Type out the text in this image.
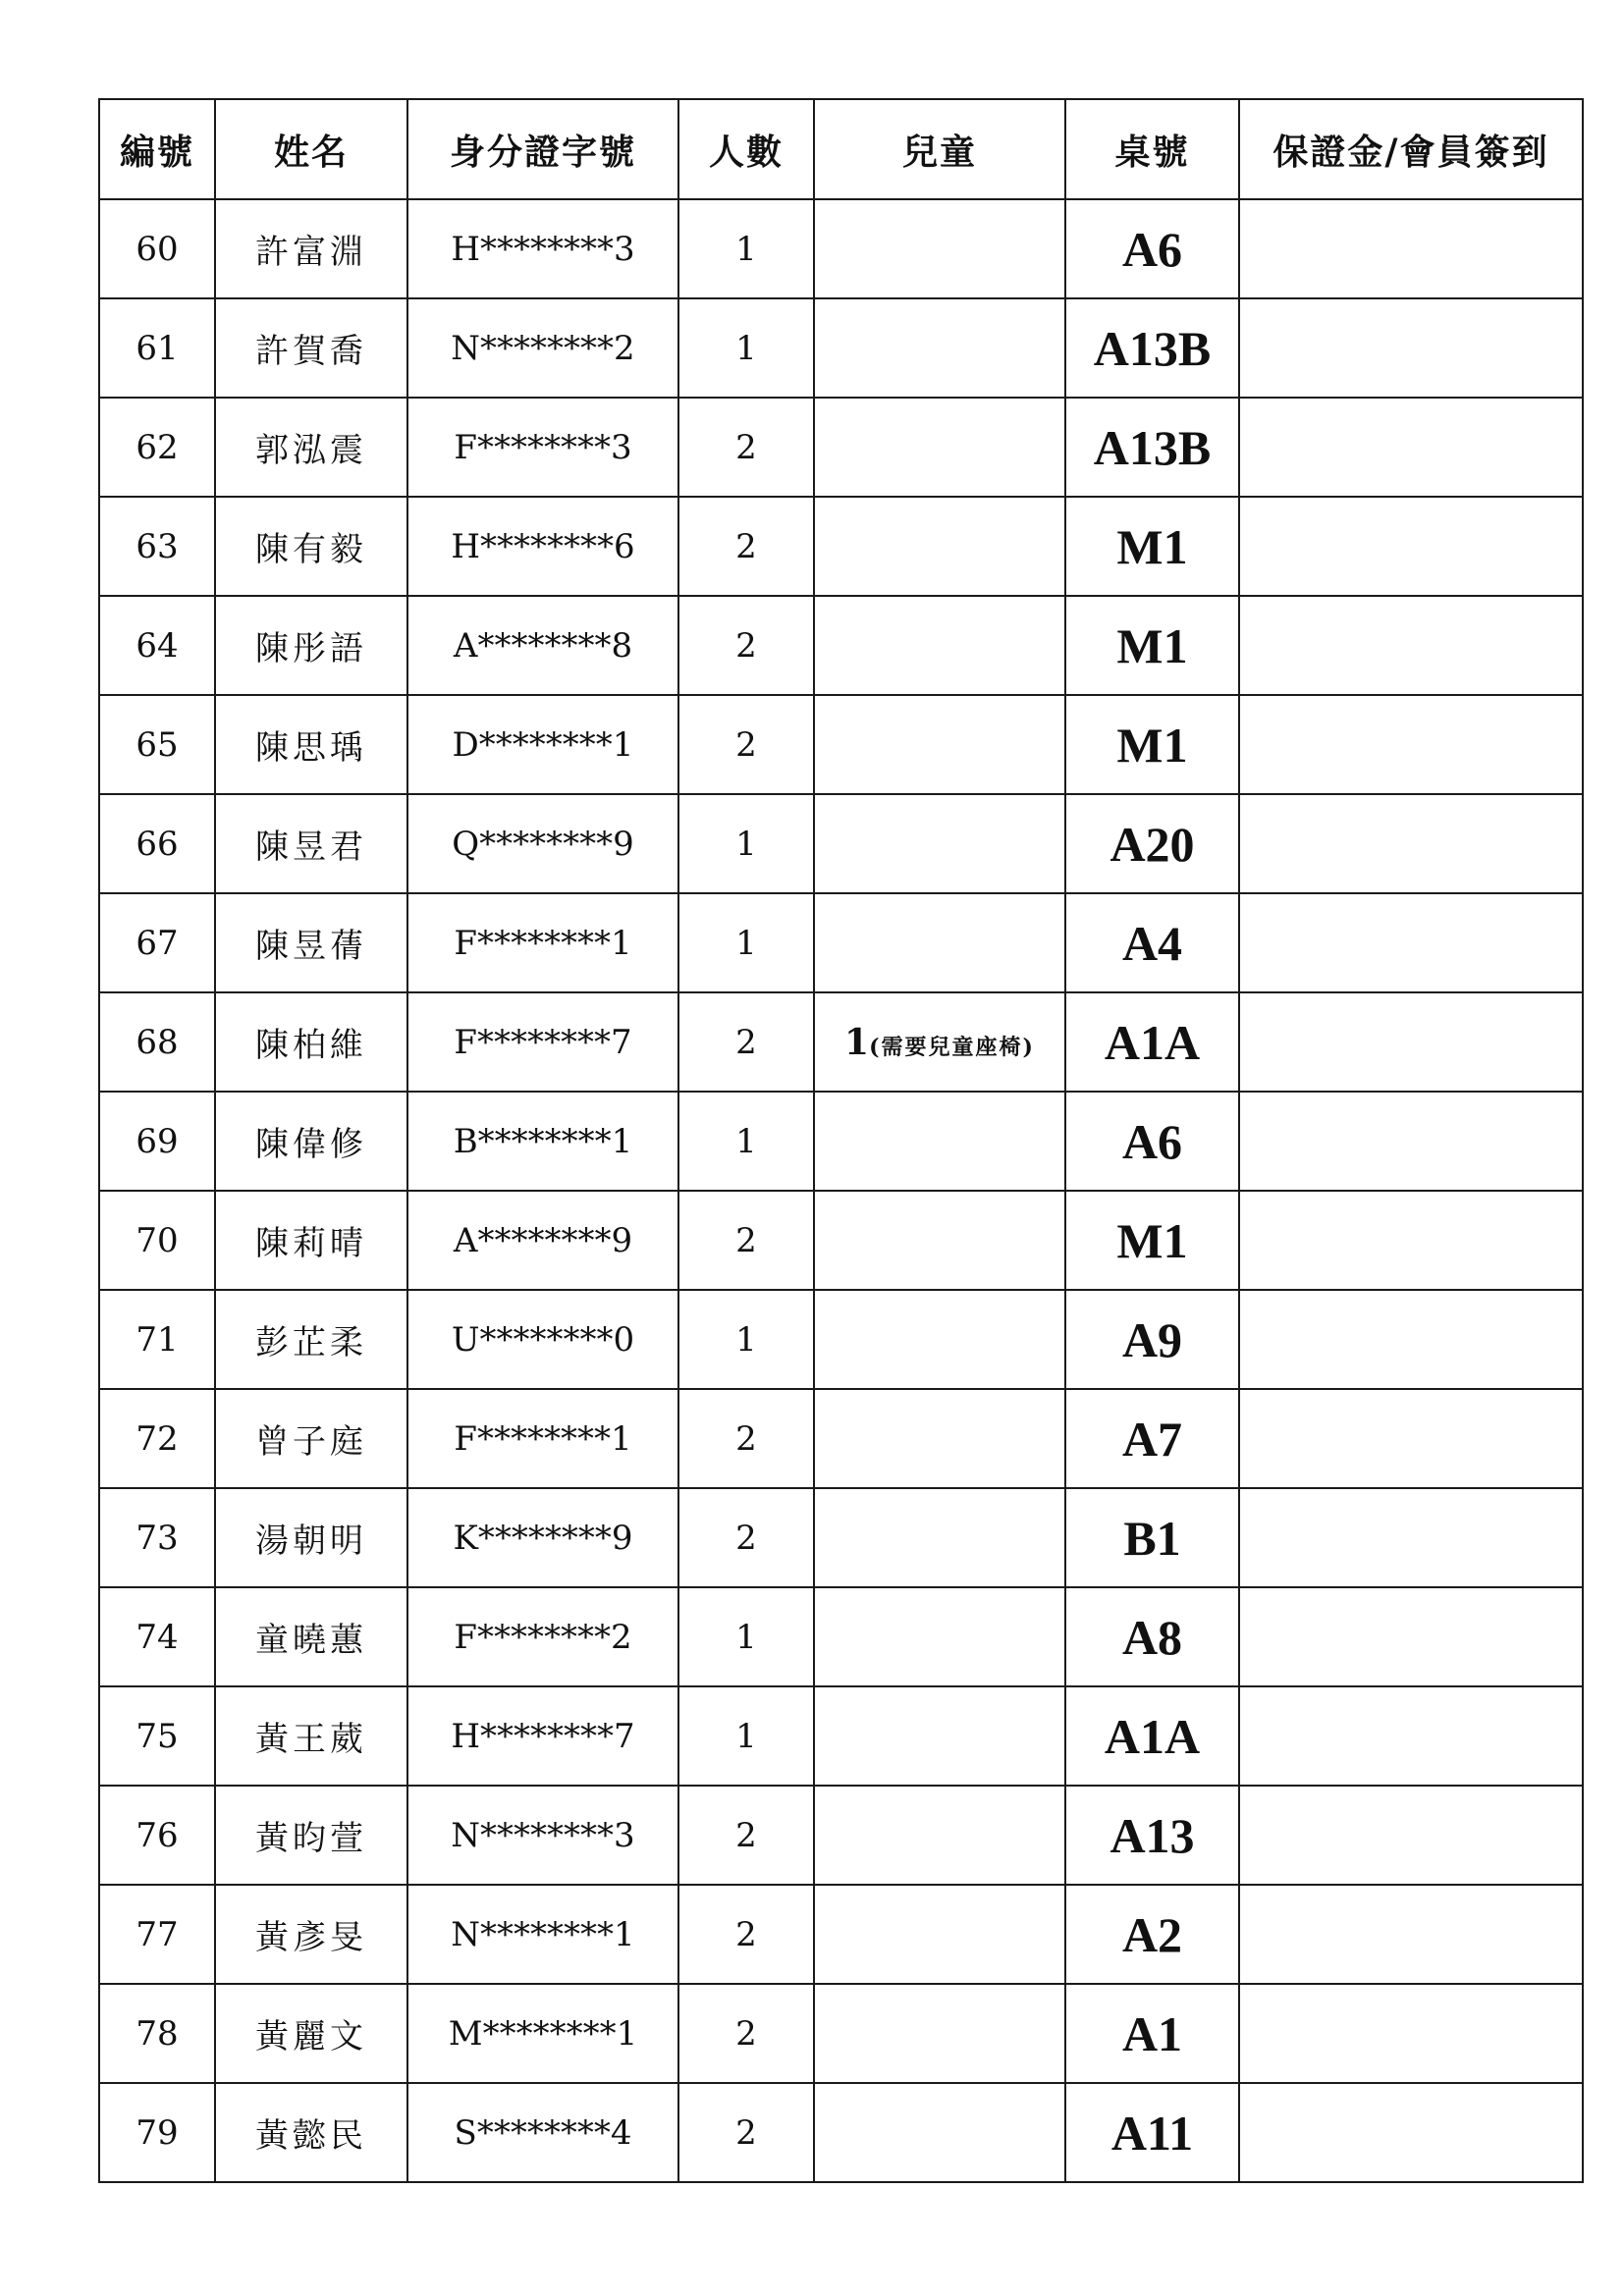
編號	姓名	身分證字號	人數	兒童	桌號	保證金/會員簽到
60	許富淵	H********3	1		A6	
61	許賀喬	N********2	1		A13B	
62	郭泓震	F********3	2		A13B	
63	陳有毅	H********6	2		M1	
64	陳彤語	A********8	2		M1	
65	陳思瑀	D********1	2		M1	
66	陳昱君	Q********9	1		A20	
67	陳昱蒨	F********1	1		A4	
68	陳柏維	F********7	2	1(需要兒童座椅)	A1A	
69	陳偉修	B********1	1		A6	
70	陳莉晴	A********9	2		M1	
71	彭芷柔	U********0	1		A9	
72	曾子庭	F********1	2		A7	
73	湯朝明	K********9	2		B1	
74	童曉蕙	F********2	1		A8	
75	黃王葳	H********7	1		A1A	
76	黃昀萱	N********3	2		A13	
77	黃彥旻	N********1	2		A2	
78	黃麗文	M********1	2		A1	
79	黃懿民	S********4	2		A11	
